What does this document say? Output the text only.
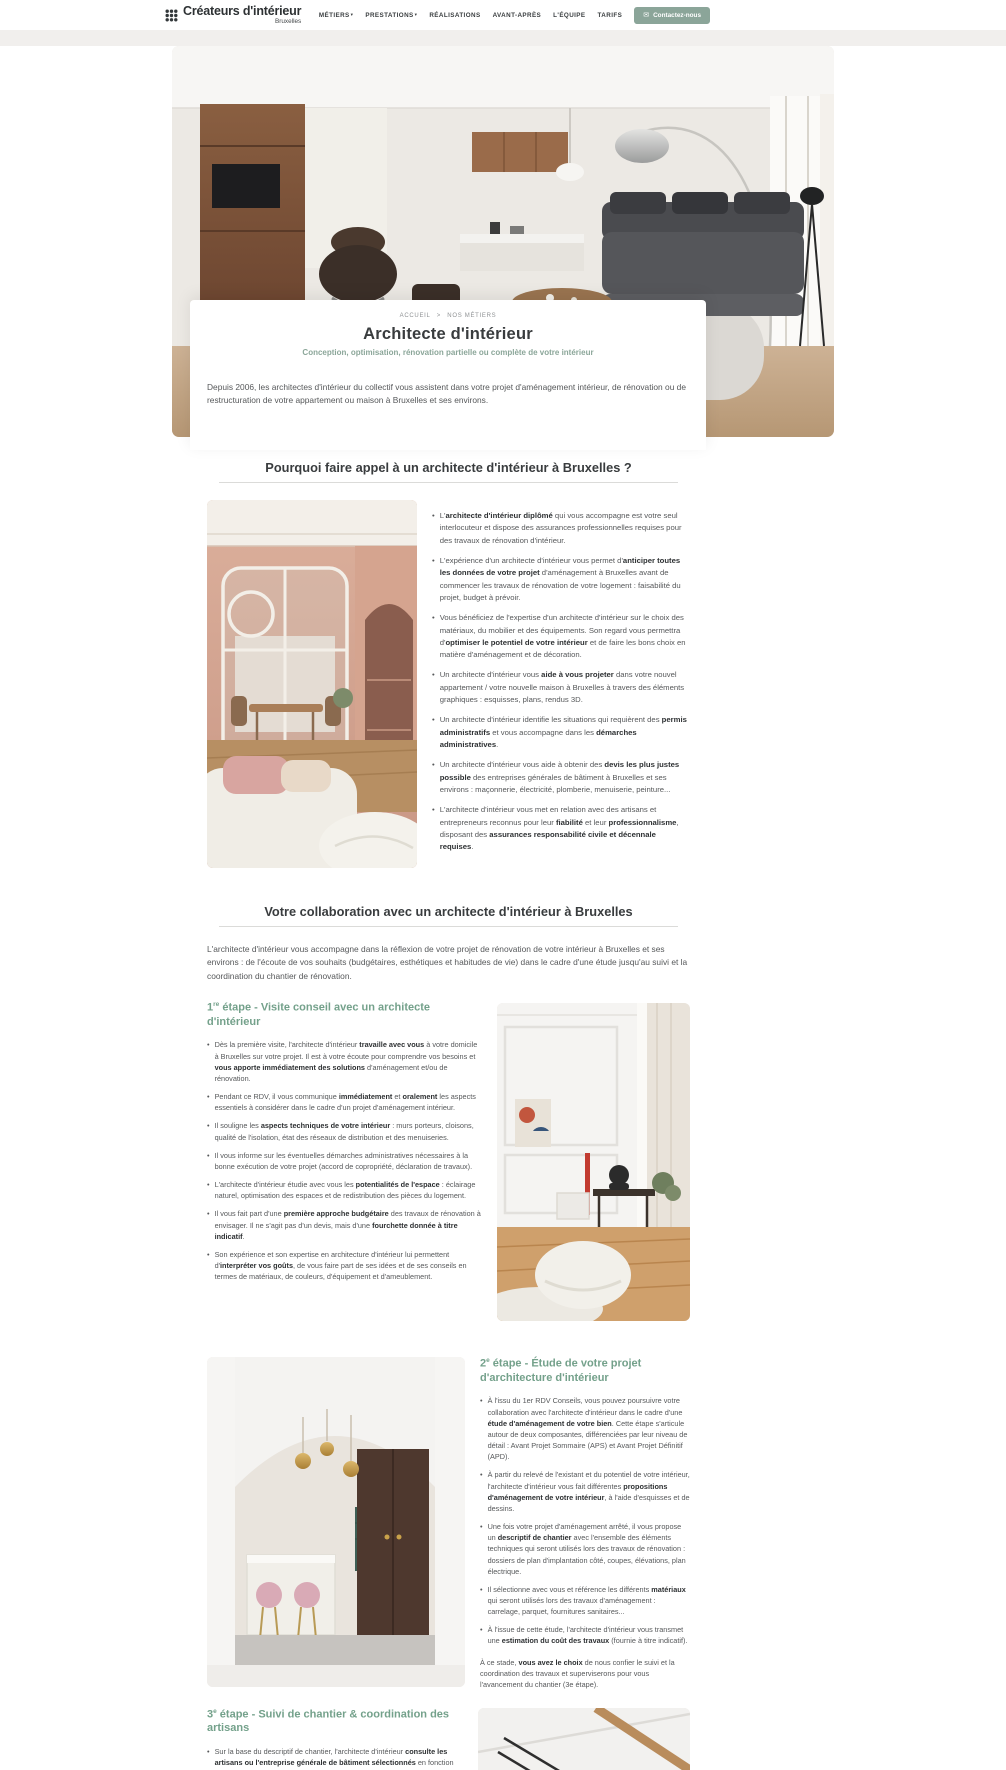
Créateurs d'intérieur
Bruxelles
MÉTIERS▾ PRESTATIONS▾ RÉALISATIONS AVANT-APRÈS L'ÉQUIPE TARIFS	✉ Contactez-nous
ACCUEIL > NOS MÉTIERS
Architecte d'intérieur
Conception, optimisation, rénovation partielle ou complète de votre intérieur

Depuis 2006, les architectes d'intérieur du collectif vous assistent dans votre projet d'aménagement intérieur, de rénovation ou de restructuration de votre appartement ou maison à Bruxelles et ses environs.

Pourquoi faire appel à un architecte d'intérieur à Bruxelles ?
• L'architecte d'intérieur diplômé qui vous accompagne est votre seul interlocuteur et dispose des assurances professionnelles requises pour des travaux de rénovation d'intérieur.
• L'expérience d'un architecte d'intérieur vous permet d'anticiper toutes les données de votre projet d'aménagement à Bruxelles avant de commencer les travaux de rénovation de votre logement : faisabilité du projet, budget à prévoir.
• Vous bénéficiez de l'expertise d'un architecte d'intérieur sur le choix des matériaux, du mobilier et des équipements. Son regard vous permettra d'optimiser le potentiel de votre intérieur et de faire les bons choix en matière d'aménagement et de décoration.
• Un architecte d'intérieur vous aide à vous projeter dans votre nouvel appartement / votre nouvelle maison à Bruxelles à travers des éléments graphiques : esquisses, plans, rendus 3D.
• Un architecte d'intérieur identifie les situations qui requièrent des permis administratifs et vous accompagne dans les démarches administratives.
• Un architecte d'intérieur vous aide à obtenir des devis les plus justes possible des entreprises générales de bâtiment à Bruxelles et ses environs : maçonnerie, électricité, plomberie, menuiserie, peinture...
• L'architecte d'intérieur vous met en relation avec des artisans et entrepreneurs reconnus pour leur fiabilité et leur professionnalisme, disposant des assurances responsabilité civile et décennale requises.
Votre collaboration avec un architecte d'intérieur à Bruxelles

L'architecte d'intérieur vous accompagne dans la réflexion de votre projet de rénovation de votre intérieur à Bruxelles et ses environs : de l'écoute de vos souhaits (budgétaires, esthétiques et habitudes de vie) dans le cadre d'une étude jusqu'au suivi et la coordination du chantier de rénovation.

1re étape - Visite conseil avec un architecte d'intérieur
• Dès la première visite, l'architecte d'intérieur travaille avec vous à votre domicile à Bruxelles sur votre projet. Il est à votre écoute pour comprendre vos besoins et vous apporte immédiatement des solutions d'aménagement et/ou de rénovation.
• Pendant ce RDV, il vous communique immédiatement et oralement les aspects essentiels à considérer dans le cadre d'un projet d'aménagement intérieur.
• Il souligne les aspects techniques de votre intérieur : murs porteurs, cloisons, qualité de l'isolation, état des réseaux de distribution et des menuiseries.
• Il vous informe sur les éventuelles démarches administratives nécessaires à la bonne exécution de votre projet (accord de copropriété, déclaration de travaux).
• L'architecte d'intérieur étudie avec vous les potentialités de l'espace : éclairage naturel, optimisation des espaces et de redistribution des pièces du logement.
• Il vous fait part d'une première approche budgétaire des travaux de rénovation à envisager. Il ne s'agit pas d'un devis, mais d'une fourchette donnée à titre indicatif.
• Son expérience et son expertise en architecture d'intérieur lui permettent d'interpréter vos goûts, de vous faire part de ses idées et de ses conseils en termes de matériaux, de couleurs, d'équipement et d'ameublement.
2e étape - Étude de votre projet d'architecture d'intérieur
• À l'issu du 1er RDV Conseils, vous pouvez poursuivre votre collaboration avec l'architecte d'intérieur dans le cadre d'une étude d'aménagement de votre bien. Cette étape s'articule autour de deux composantes, différenciées par leur niveau de détail : Avant Projet Sommaire (APS) et Avant Projet Définitif (APD).
• À partir du relevé de l'existant et du potentiel de votre intérieur, l'architecte d'intérieur vous fait différentes propositions d'aménagement de votre intérieur, à l'aide d'esquisses et de dessins.
• Une fois votre projet d'aménagement arrêté, il vous propose un descriptif de chantier avec l'ensemble des éléments techniques qui seront utilisés lors des travaux de rénovation : dossiers de plan d'implantation côté, coupes, élévations, plan électrique.
• Il sélectionne avec vous et référence les différents matériaux qui seront utilisés lors des travaux d'aménagement : carrelage, parquet, fournitures sanitaires...
• À l'issue de cette étude, l'architecte d'intérieur vous transmet une estimation du coût des travaux (fournie à titre indicatif).

À ce stade, vous avez le choix de nous confier le suivi et la coordination des travaux et superviserons pour vous l'avancement du chantier (3e étape).

3e étape - Suivi de chantier & coordination des artisans
• Sur la base du descriptif de chantier, l'architecte d'intérieur consulte les artisans ou l'entreprise générale de bâtiment sélectionnés en fonction
